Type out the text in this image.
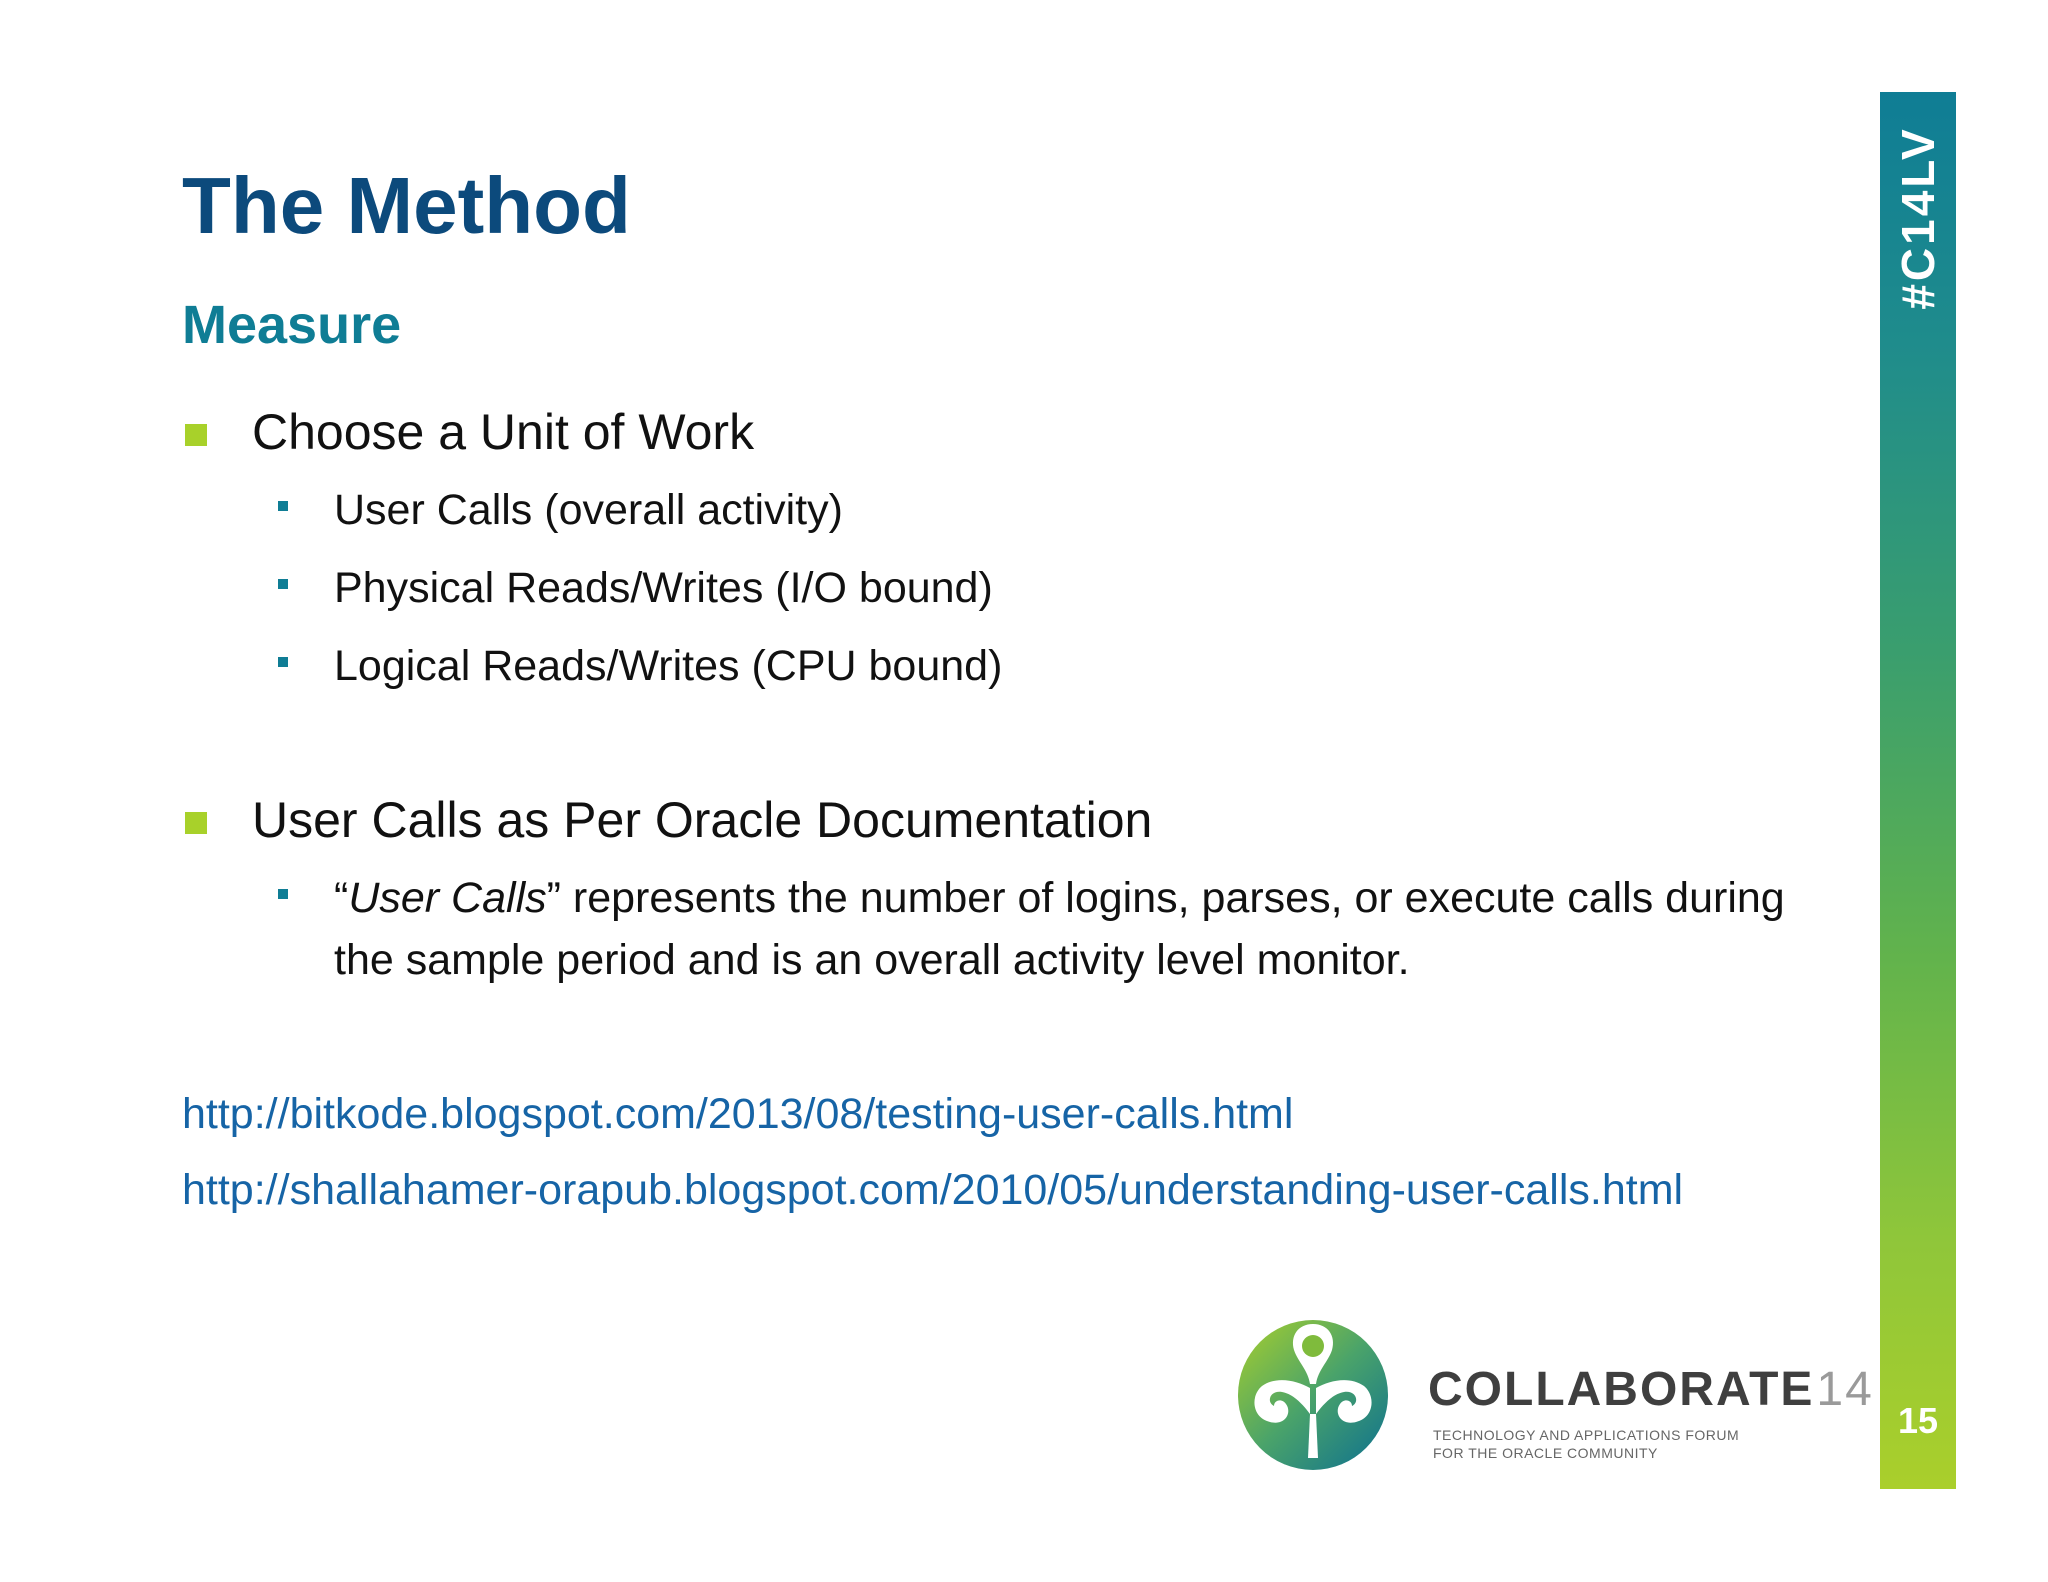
The Method
Measure
Choose a Unit of Work
User Calls (overall activity)
Physical Reads/Writes (I/O bound)
Logical Reads/Writes (CPU bound)
User Calls as Per Oracle Documentation
“User Calls” represents the number of logins, parses, or execute calls during the sample period and is an overall activity level monitor.
http://bitkode.blogspot.com/2013/08/testing-user-calls.html
http://shallahamer-orapub.blogspot.com/2010/05/understanding-user-calls.html
#C14LV
15
COLLABORATE14
TECHNOLOGY AND APPLICATIONS FORUM
FOR THE ORACLE COMMUNITY
